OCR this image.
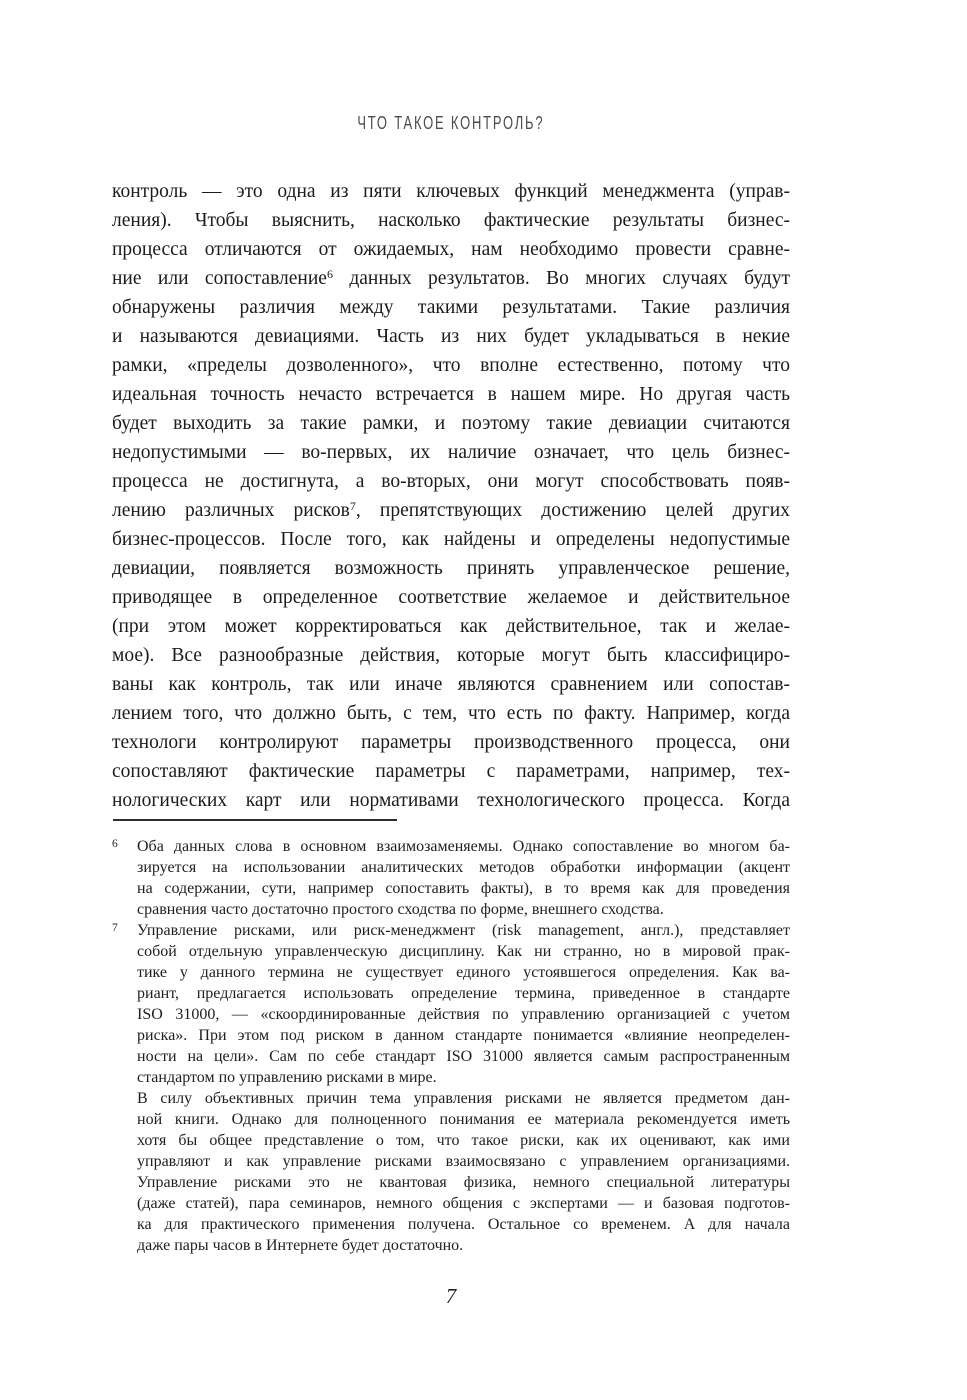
ЧТО ТАКОЕ КОНТРОЛЬ?
контроль — это одна из пяти ключевых функций менеджмента (управ-
ления). Чтобы выяснить, насколько фактические результаты бизнес-
процесса отличаются от ожидаемых, нам необходимо провести сравне-
ние или сопоставление$^6$ данных результатов. Во многих случаях будут
обнаружены различия между такими результатами. Такие различия
и называются девиациями. Часть из них будет укладываться в некие
рамки, «пределы дозволенного», что вполне естественно, потому что
идеальная точность нечасто встречается в нашем мире. Но другая часть
будет выходить за такие рамки, и поэтому такие девиации считаются
недопустимыми — во-первых, их наличие означает, что цель бизнес-
процесса не достигнута, а во-вторых, они могут способствовать появ-
лению различных рисков$^7$, препятствующих достижению целей других
бизнес-процессов. После того, как найдены и определены недопустимые
девиации, появляется возможность принять управленческое решение,
приводящее в определенное соответствие желаемое и действительное
(при этом может корректироваться как действительное, так и желае-
мое). Все разнообразные действия, которые могут быть классифициро-
ваны как контроль, так или иначе являются сравнением или сопостав-
лением того, что должно быть, с тем, что есть по факту. Например, когда
технологи контролируют параметры производственного процесса, они
сопоставляют фактические параметры с параметрами, например, тех-
нологических карт или нормативами технологического процесса. Когда
6 Оба данных слова в основном взаимозаменяемы. Однако сопоставление во многом ба-
зируется на использовании аналитических методов обработки информации (акцент
на содержании, сути, например сопоставить факты), в то время как для проведения
сравнения часто достаточно простого сходства по форме, внешнего сходства.
7 Управление рисками, или риск-менеджмент (risk management, англ.), представляет
собой отдельную управленческую дисциплину. Как ни странно, но в мировой прак-
тике у данного термина не существует единого устоявшегося определения. Как ва-
риант, предлагается использовать определение термина, приведенное в стандарте
ISO 31000, — «скоординированные действия по управлению организацией с учетом
риска». При этом под риском в данном стандарте понимается «влияние неопределен-
ности на цели». Сам по себе стандарт ISO 31000 является самым распространенным
стандартом по управлению рисками в мире.
В силу объективных причин тема управления рисками не является предметом дан-
ной книги. Однако для полноценного понимания ее материала рекомендуется иметь
хотя бы общее представление о том, что такое риски, как их оценивают, как ими
управляют и как управление рисками взаимосвязано с управлением организациями.
Управление рисками это не квантовая физика, немного специальной литературы
(даже статей), пара семинаров, немного общения с экспертами — и базовая подготов-
ка для практического применения получена. Остальное со временем. А для начала
даже пары часов в Интернете будет достаточно.
7
